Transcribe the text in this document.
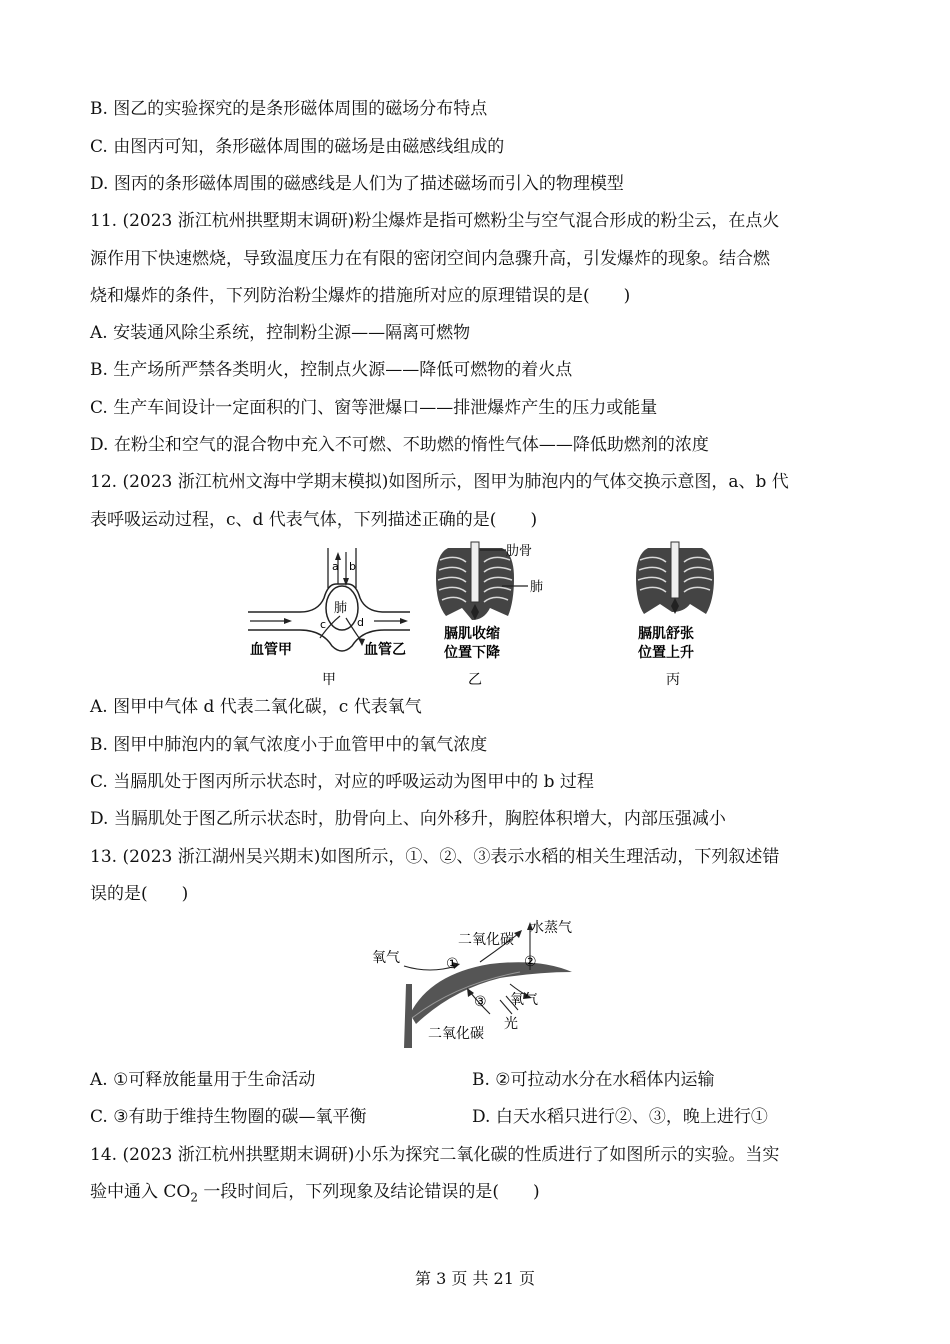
B. 图乙的实验探究的是条形磁体周围的磁场分布特点
C. 由图丙可知，条形磁体周围的磁场是由磁感线组成的
D. 图丙的条形磁体周围的磁感线是人们为了描述磁场而引入的物理模型
11. (2023 浙江杭州拱墅期末调研)粉尘爆炸是指可燃粉尘与空气混合形成的粉尘云，在点火
源作用下快速燃烧，导致温度压力在有限的密闭空间内急骤升高，引发爆炸的现象。结合燃
烧和爆炸的条件，下列防治粉尘爆炸的措施所对应的原理错误的是(　　)
A. 安装通风除尘系统，控制粉尘源——隔离可燃物
B. 生产场所严禁各类明火，控制点火源——降低可燃物的着火点
C. 生产车间设计一定面积的门、窗等泄爆口——排泄爆炸产生的压力或能量
D. 在粉尘和空气的混合物中充入不可燃、不助燃的惰性气体——降低助燃剂的浓度
12. (2023 浙江杭州文海中学期末模拟)如图所示，图甲为肺泡内的气体交换示意图，a、b 代
表呼吸运动过程，c、d 代表气体，下列描述正确的是(　　)
a b
肺
c	d
血管甲	血管乙
甲
肋骨
肺
膈肌收缩
位置下降
乙
膈肌舒张
位置上升
丙
A. 图甲中气体 d 代表二氧化碳，c 代表氧气
B. 图甲中肺泡内的氧气浓度小于血管甲中的氧气浓度
C. 当膈肌处于图丙所示状态时，对应的呼吸运动为图甲中的 b 过程
D. 当膈肌处于图乙所示状态时，肋骨向上、向外移升，胸腔体积增大，内部压强减小
13. (2023 浙江湖州吴兴期末)如图所示，①、②、③表示水稻的相关生理活动，下列叙述错
误的是(　　)
氧气
二氧化碳
水蒸气
①	②
③ 氧气
二氧化碳
光
A. ①可释放能量用于生命活动	B. ②可拉动水分在水稻体内运输
C. ③有助于维持生物圈的碳—氧平衡	D. 白天水稻只进行②、③，晚上进行①
14. (2023 浙江杭州拱墅期末调研)小乐为探究二氧化碳的性质进行了如图所示的实验。当实
验中通入 $CO_2$ 一段时间后，下列现象及结论错误的是(　　)
第 3 页 共 21 页
